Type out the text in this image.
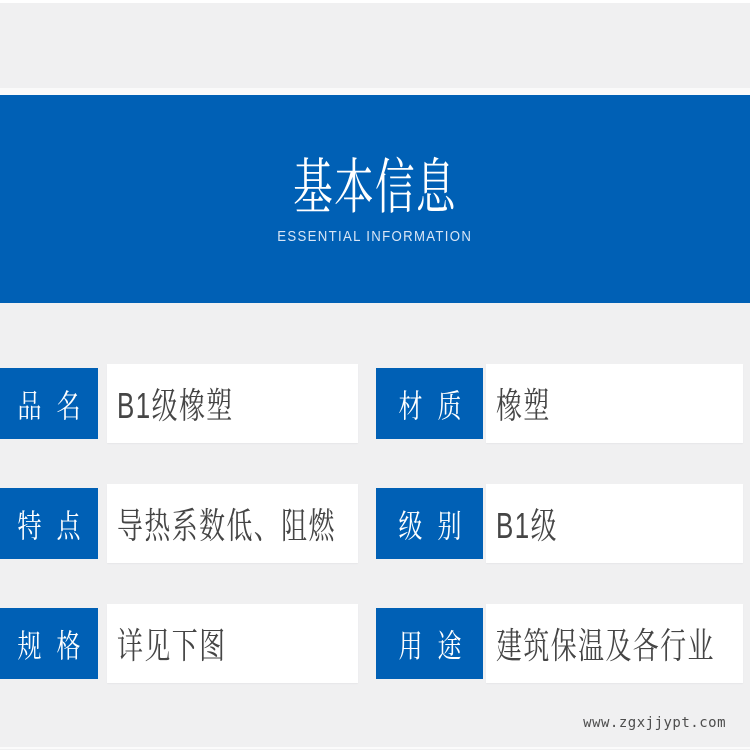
基本信息
ESSENTIAL INFORMATION
品名 B1级橡塑	材质 橡塑
特点 导热系数低、阻燃	级别 B1级
规格 详见下图	用途 建筑保温及各行业
www.zgxjjypt.com
